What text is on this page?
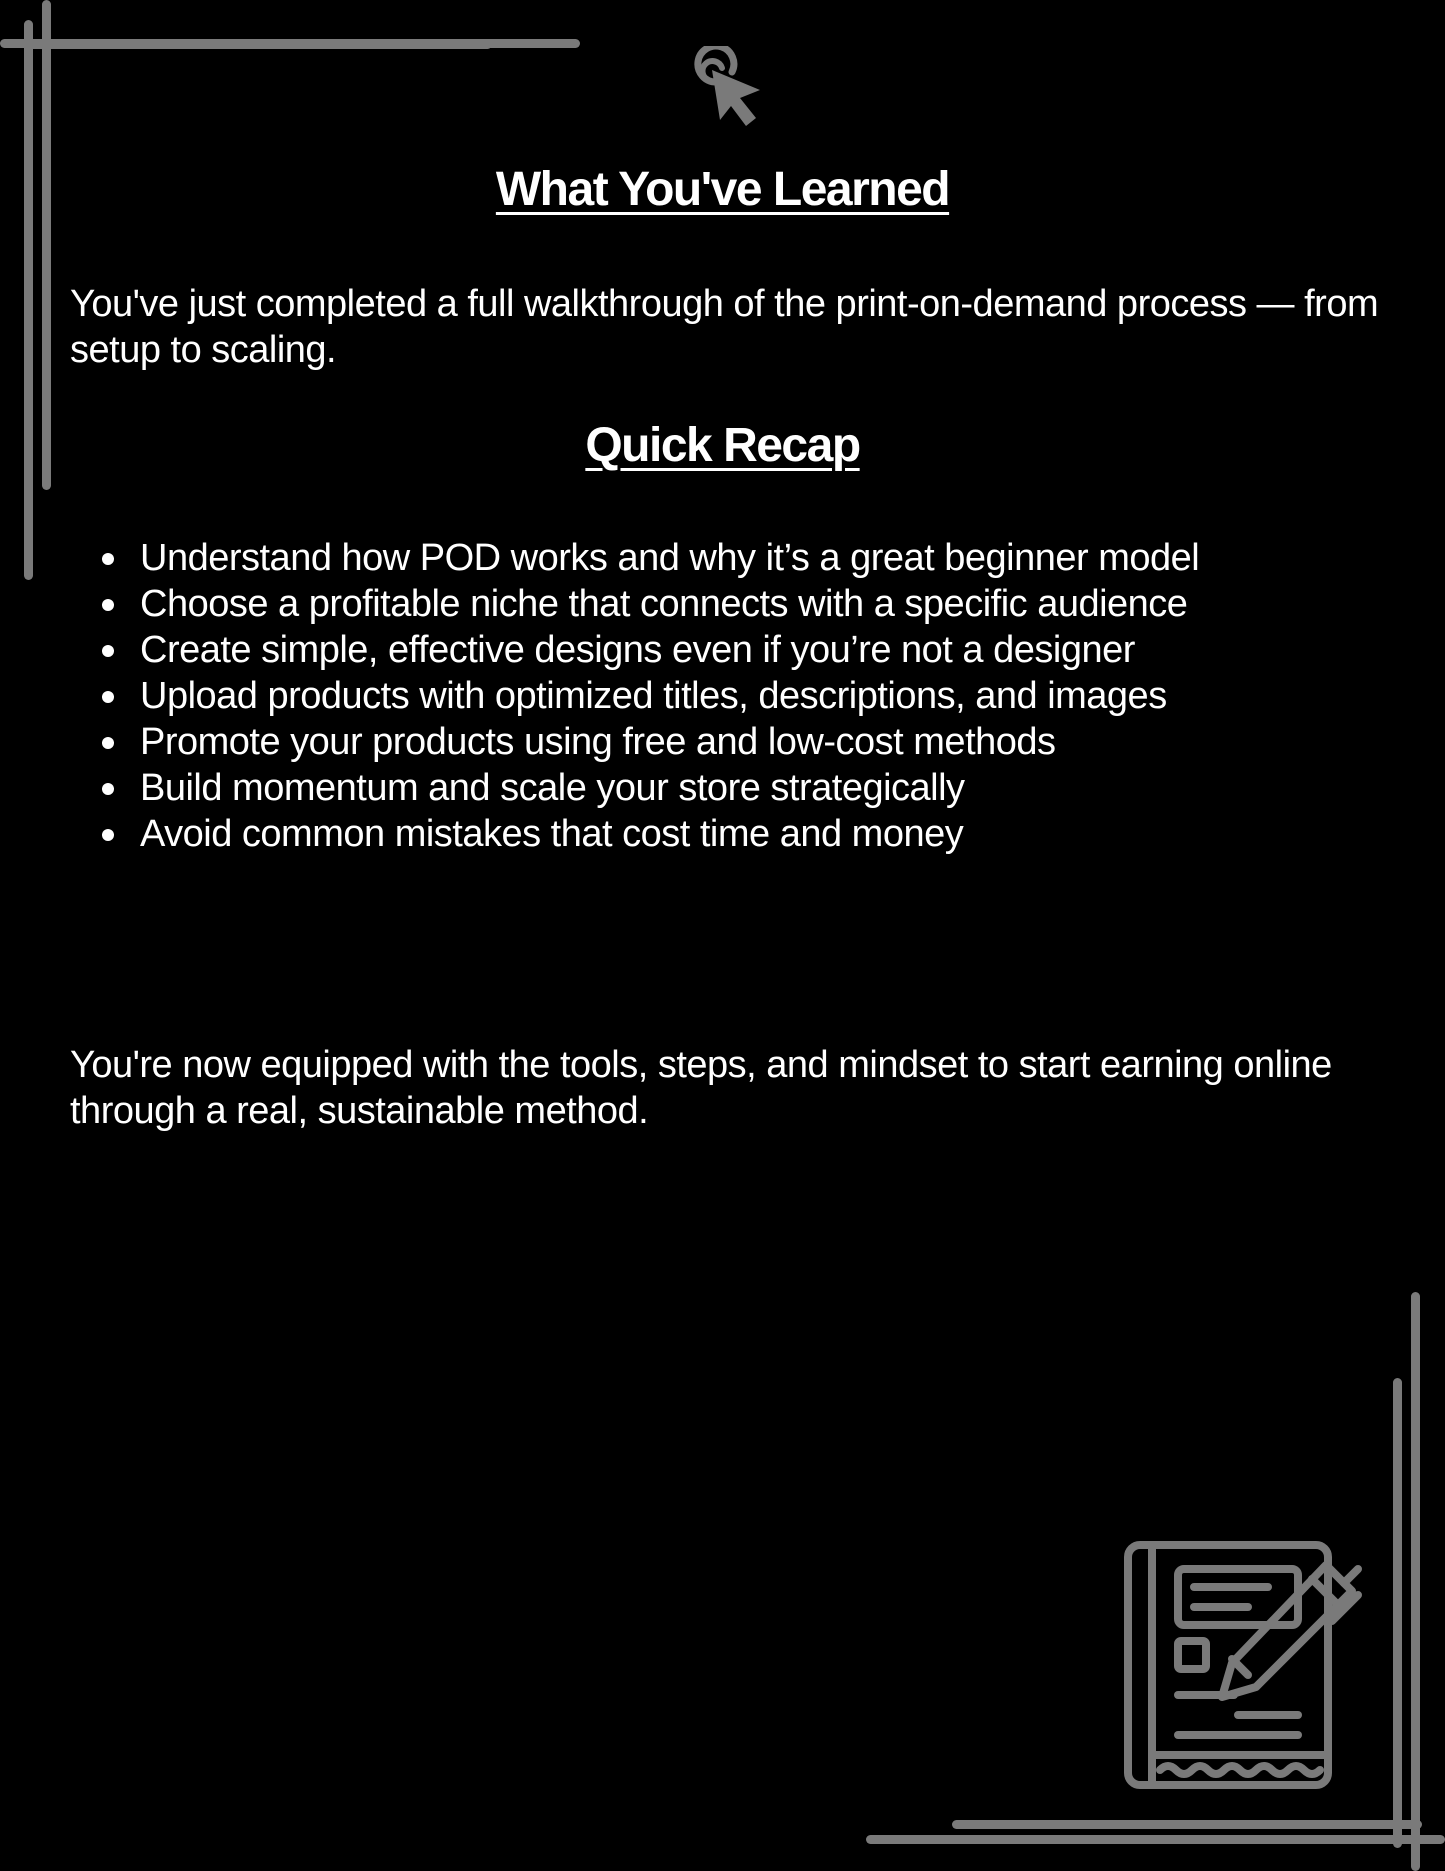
What You've Learned

You've just completed a full walkthrough of the print-on-demand process — from setup to scaling.

Quick Recap
Understand how POD works and why it’s a great beginner model
Choose a profitable niche that connects with a specific audience
Create simple, effective designs even if you’re not a designer
Upload products with optimized titles, descriptions, and images
Promote your products using free and low-cost methods
Build momentum and scale your store strategically
Avoid common mistakes that cost time and money

You're now equipped with the tools, steps, and mindset to start earning online through a real, sustainable method.
